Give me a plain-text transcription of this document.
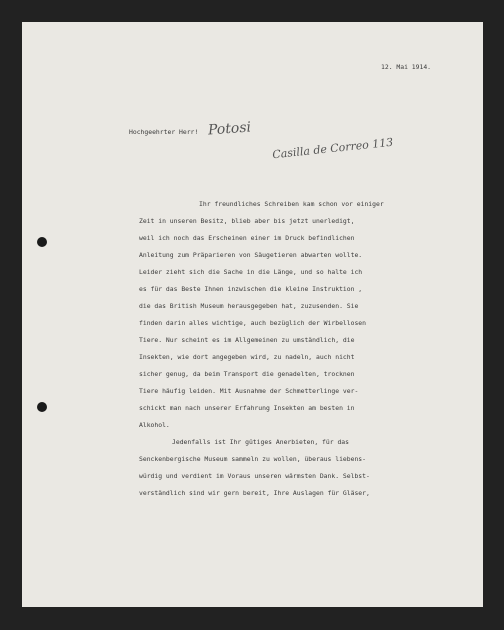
12. Mai 1914.
Hochgeehrter Herr! Potosi
Casilla de Correo 113
Ihr freundliches Schreiben kam schon vor einiger
Zeit in unseren Besitz, blieb aber bis jetzt unerledigt,
weil ich noch das Erscheinen einer im Druck befindlichen
Anleitung zum Präparieren von Säugetieren abwarten wollte.
Leider zieht sich die Sache in die Länge, und so halte ich
es für das Beste Ihnen inzwischen die kleine Instruktion ,
die das British Museum herausgegeben hat, zuzusenden. Sie
finden darin alles wichtige, auch bezüglich der Wirbellosen
Tiere. Nur scheint es im Allgemeinen zu umständlich, die
Insekten, wie dort angegeben wird, zu nadeln, auch nicht
sicher genug, da beim Transport die genadelten, trocknen
Tiere häufig leiden. Mit Ausnahme der Schmetterlinge ver-
schickt man nach unserer Erfahrung Insekten am besten in
Alkohol.
Jedenfalls ist Ihr gütiges Anerbieten, für das
Senckenbergische Museum sammeln zu wollen, überaus liebens-
würdig und verdient im Voraus unseren wärmsten Dank. Selbst-
verständlich sind wir gern bereit, Ihre Auslagen für Gläser,
